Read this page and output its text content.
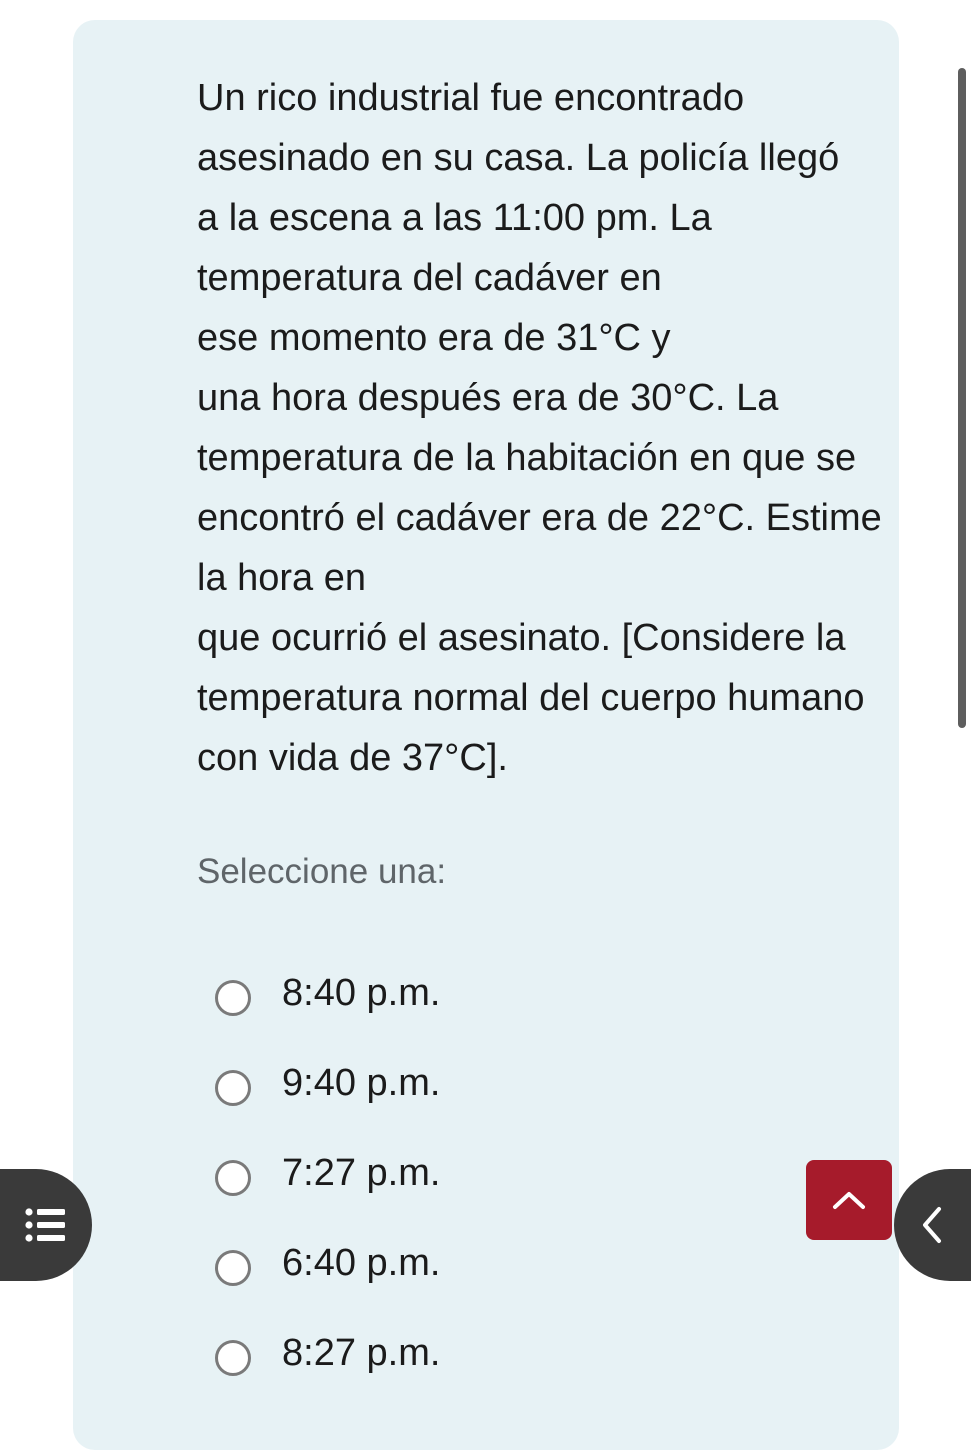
Un rico industrial fue encontrado
asesinado en su casa. La policía llegó
a la escena a las 11:00 pm. La
temperatura del cadáver en
ese momento era de 31°C y
una hora después era de 30°C. La
temperatura de la habitación en que se
encontró el cadáver era de 22°C. Estime
la hora en
que ocurrió el asesinato. [Considere la
temperatura normal del cuerpo humano
con vida de 37°C].

Seleccione una:

8:40 p.m.
9:40 p.m.
7:27 p.m.
6:40 p.m.
8:27 p.m.
